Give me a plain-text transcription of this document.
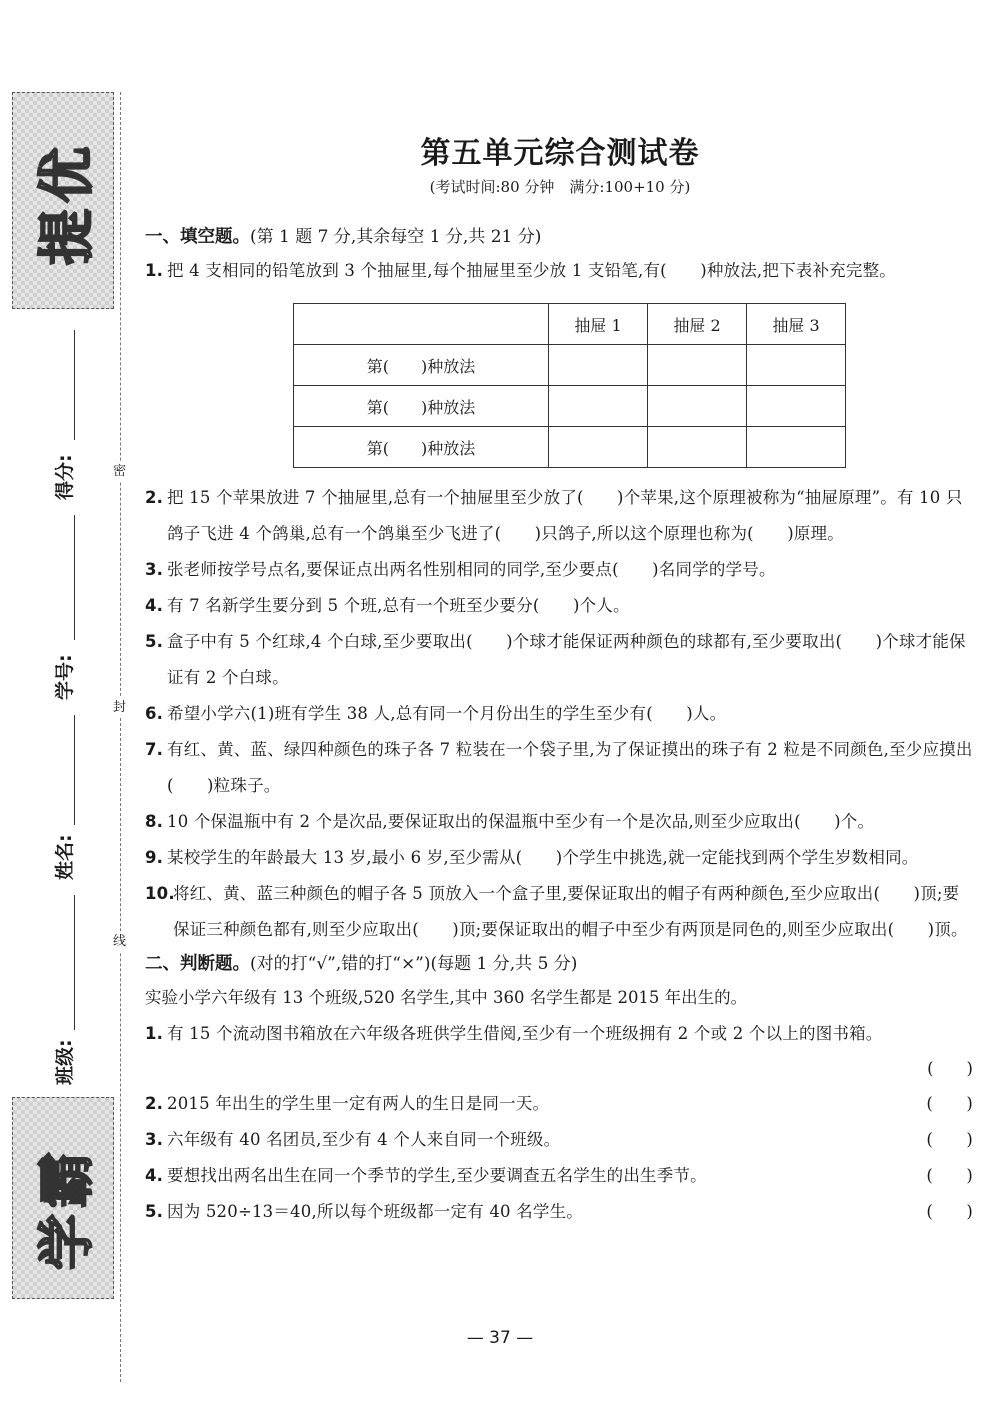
提优
学霸
得分:
学号:
姓名:
班级:
密
封
线
第五单元综合测试卷
(考试时间:80 分钟　满分:100+10 分)
一、填空题。(第 1 题 7 分,其余每空 1 分,共 21 分)
1. 把 4 支相同的铅笔放到 3 个抽屉里,每个抽屉里至少放 1 支铅笔,有(　　)种放法,把下表补充完整。
	抽屉 1	抽屉 2	抽屉 3
第(　　)种放法			
第(　　)种放法			
第(　　)种放法			
2. 把 15 个苹果放进 7 个抽屉里,总有一个抽屉里至少放了(　　)个苹果,这个原理被称为“抽屉原理”。有 10 只鸽子飞进 4 个鸽巢,总有一个鸽巢至少飞进了(　　)只鸽子,所以这个原理也称为(　　)原理。
3. 张老师按学号点名,要保证点出两名性别相同的同学,至少要点(　　)名同学的学号。
4. 有 7 名新学生要分到 5 个班,总有一个班至少要分(　　)个人。
5. 盒子中有 5 个红球,4 个白球,至少要取出(　　)个球才能保证两种颜色的球都有,至少要取出(　　)个球才能保证有 2 个白球。
6. 希望小学六(1)班有学生 38 人,总有同一个月份出生的学生至少有(　　)人。
7. 有红、黄、蓝、绿四种颜色的珠子各 7 粒装在一个袋子里,为了保证摸出的珠子有 2 粒是不同颜色,至少应摸出(　　)粒珠子。
8. 10 个保温瓶中有 2 个是次品,要保证取出的保温瓶中至少有一个是次品,则至少应取出(　　)个。
9. 某校学生的年龄最大 13 岁,最小 6 岁,至少需从(　　)个学生中挑选,就一定能找到两个学生岁数相同。
10.
将红、黄、蓝三种颜色的帽子各 5 顶放入一个盒子里,要保证取出的帽子有两种颜色,至少应取出(　　)顶;要保证三种颜色都有,则至少应取出(　　)顶;要保证取出的帽子中至少有两顶是同色的,则至少应取出(　　)顶。
二、判断题。(对的打“√”,错的打“×”)(每题 1 分,共 5 分)
实验小学六年级有 13 个班级,520 名学生,其中 360 名学生都是 2015 年出生的。
1. 有 15 个流动图书箱放在六年级各班供学生借阅,至少有一个班级拥有 2 个或 2 个以上的图书箱。
(　　)
2. 2015 年出生的学生里一定有两人的生日是同一天。	(　　)
3. 六年级有 40 名团员,至少有 4 个人来自同一个班级。	(　　)
4. 要想找出两名出生在同一个季节的学生,至少要调查五名学生的出生季节。	(　　)
5. 因为 520÷13＝40,所以每个班级都一定有 40 名学生。	(　　)
— 37 —
